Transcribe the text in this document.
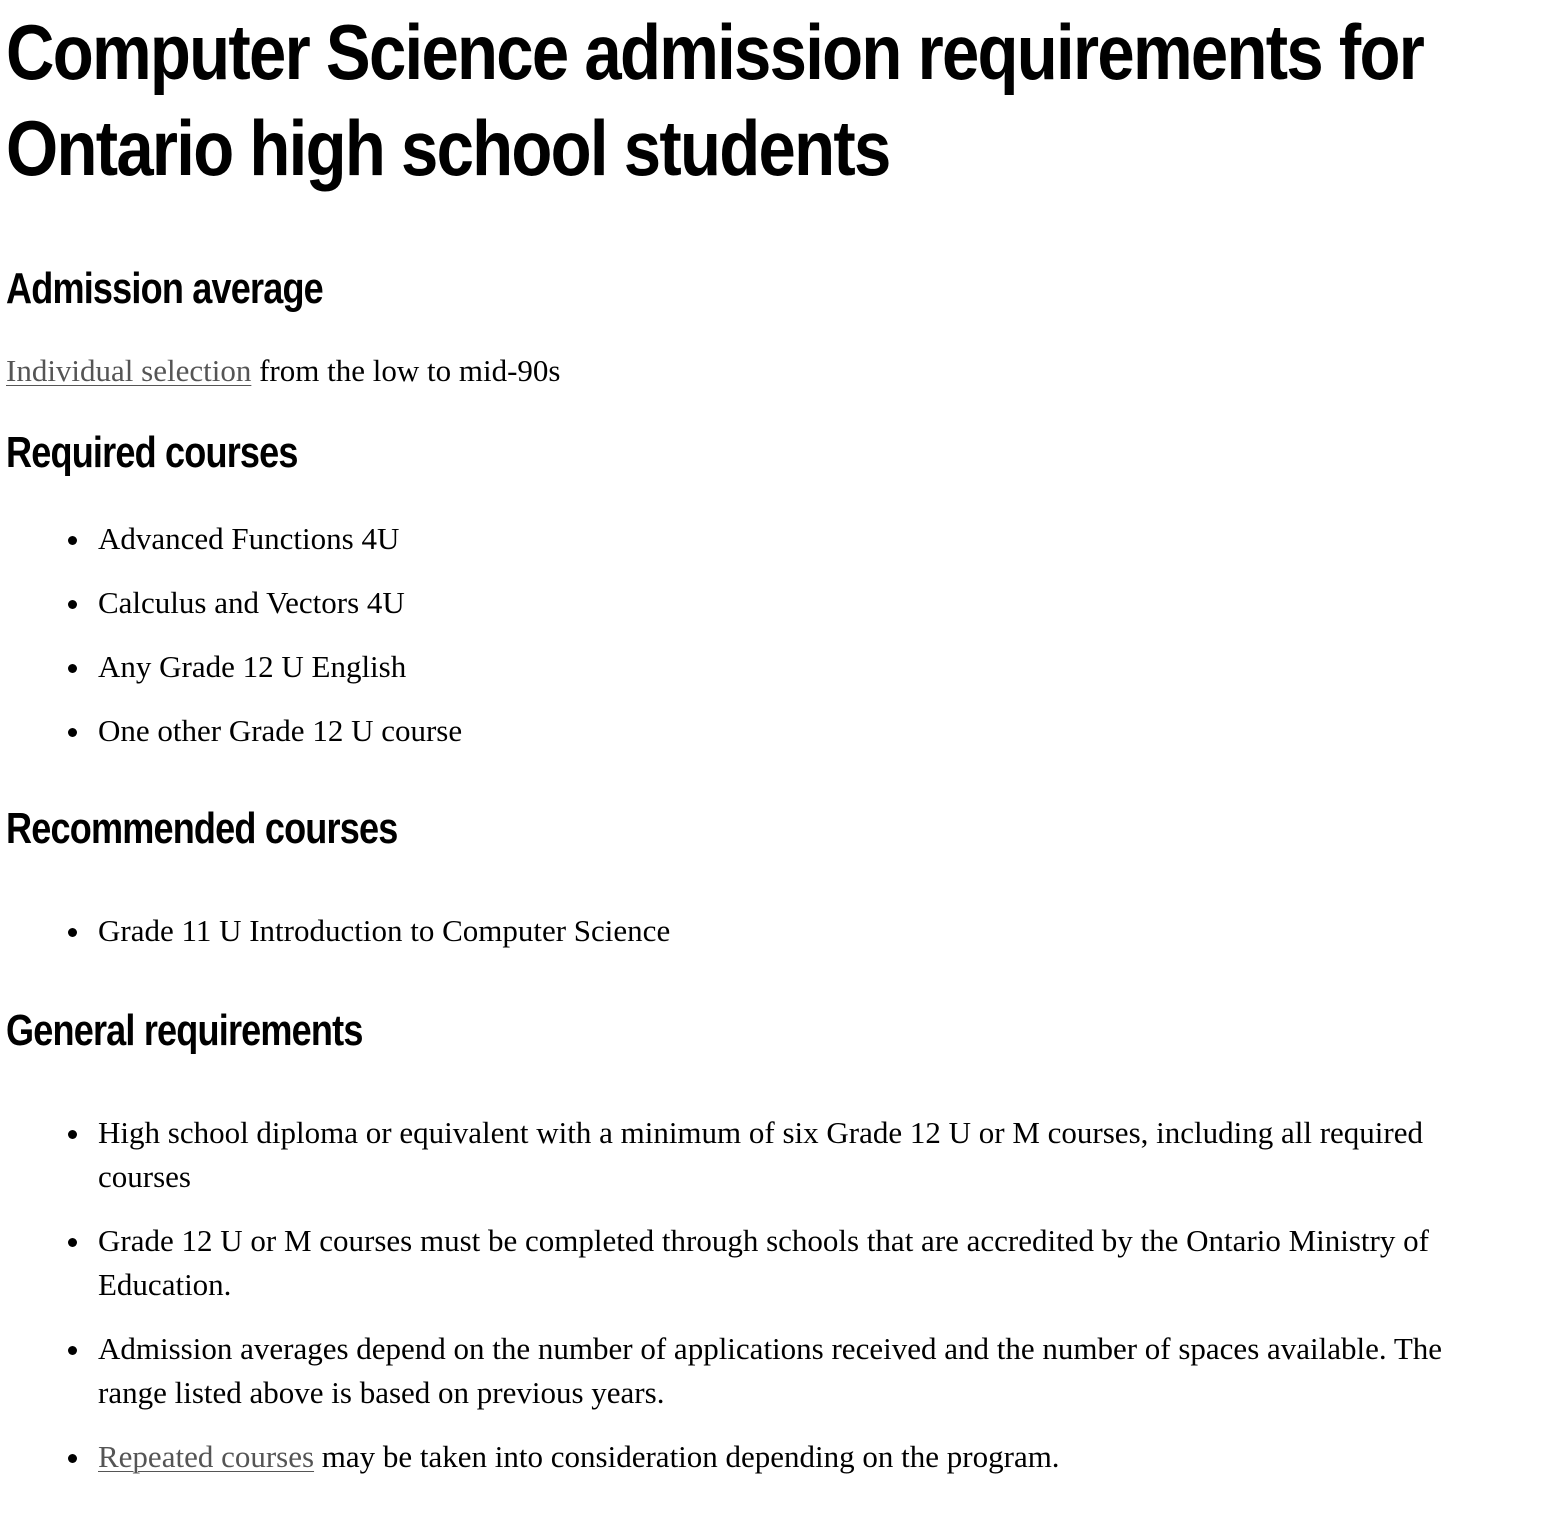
Computer Science admission requirements for Ontario high school students
Admission average

Individual selection from the low to mid-90s

Required courses
Advanced Functions 4U
Calculus and Vectors 4U
Any Grade 12 U English
One other Grade 12 U course
Recommended courses
Grade 11 U Introduction to Computer Science
General requirements
High school diploma or equivalent with a minimum of six Grade 12 U or M courses, including all required courses
Grade 12 U or M courses must be completed through schools that are accredited by the Ontario Ministry of Education.
Admission averages depend on the number of applications received and the number of spaces available. The range listed above is based on previous years.
Repeated courses may be taken into consideration depending on the program.
